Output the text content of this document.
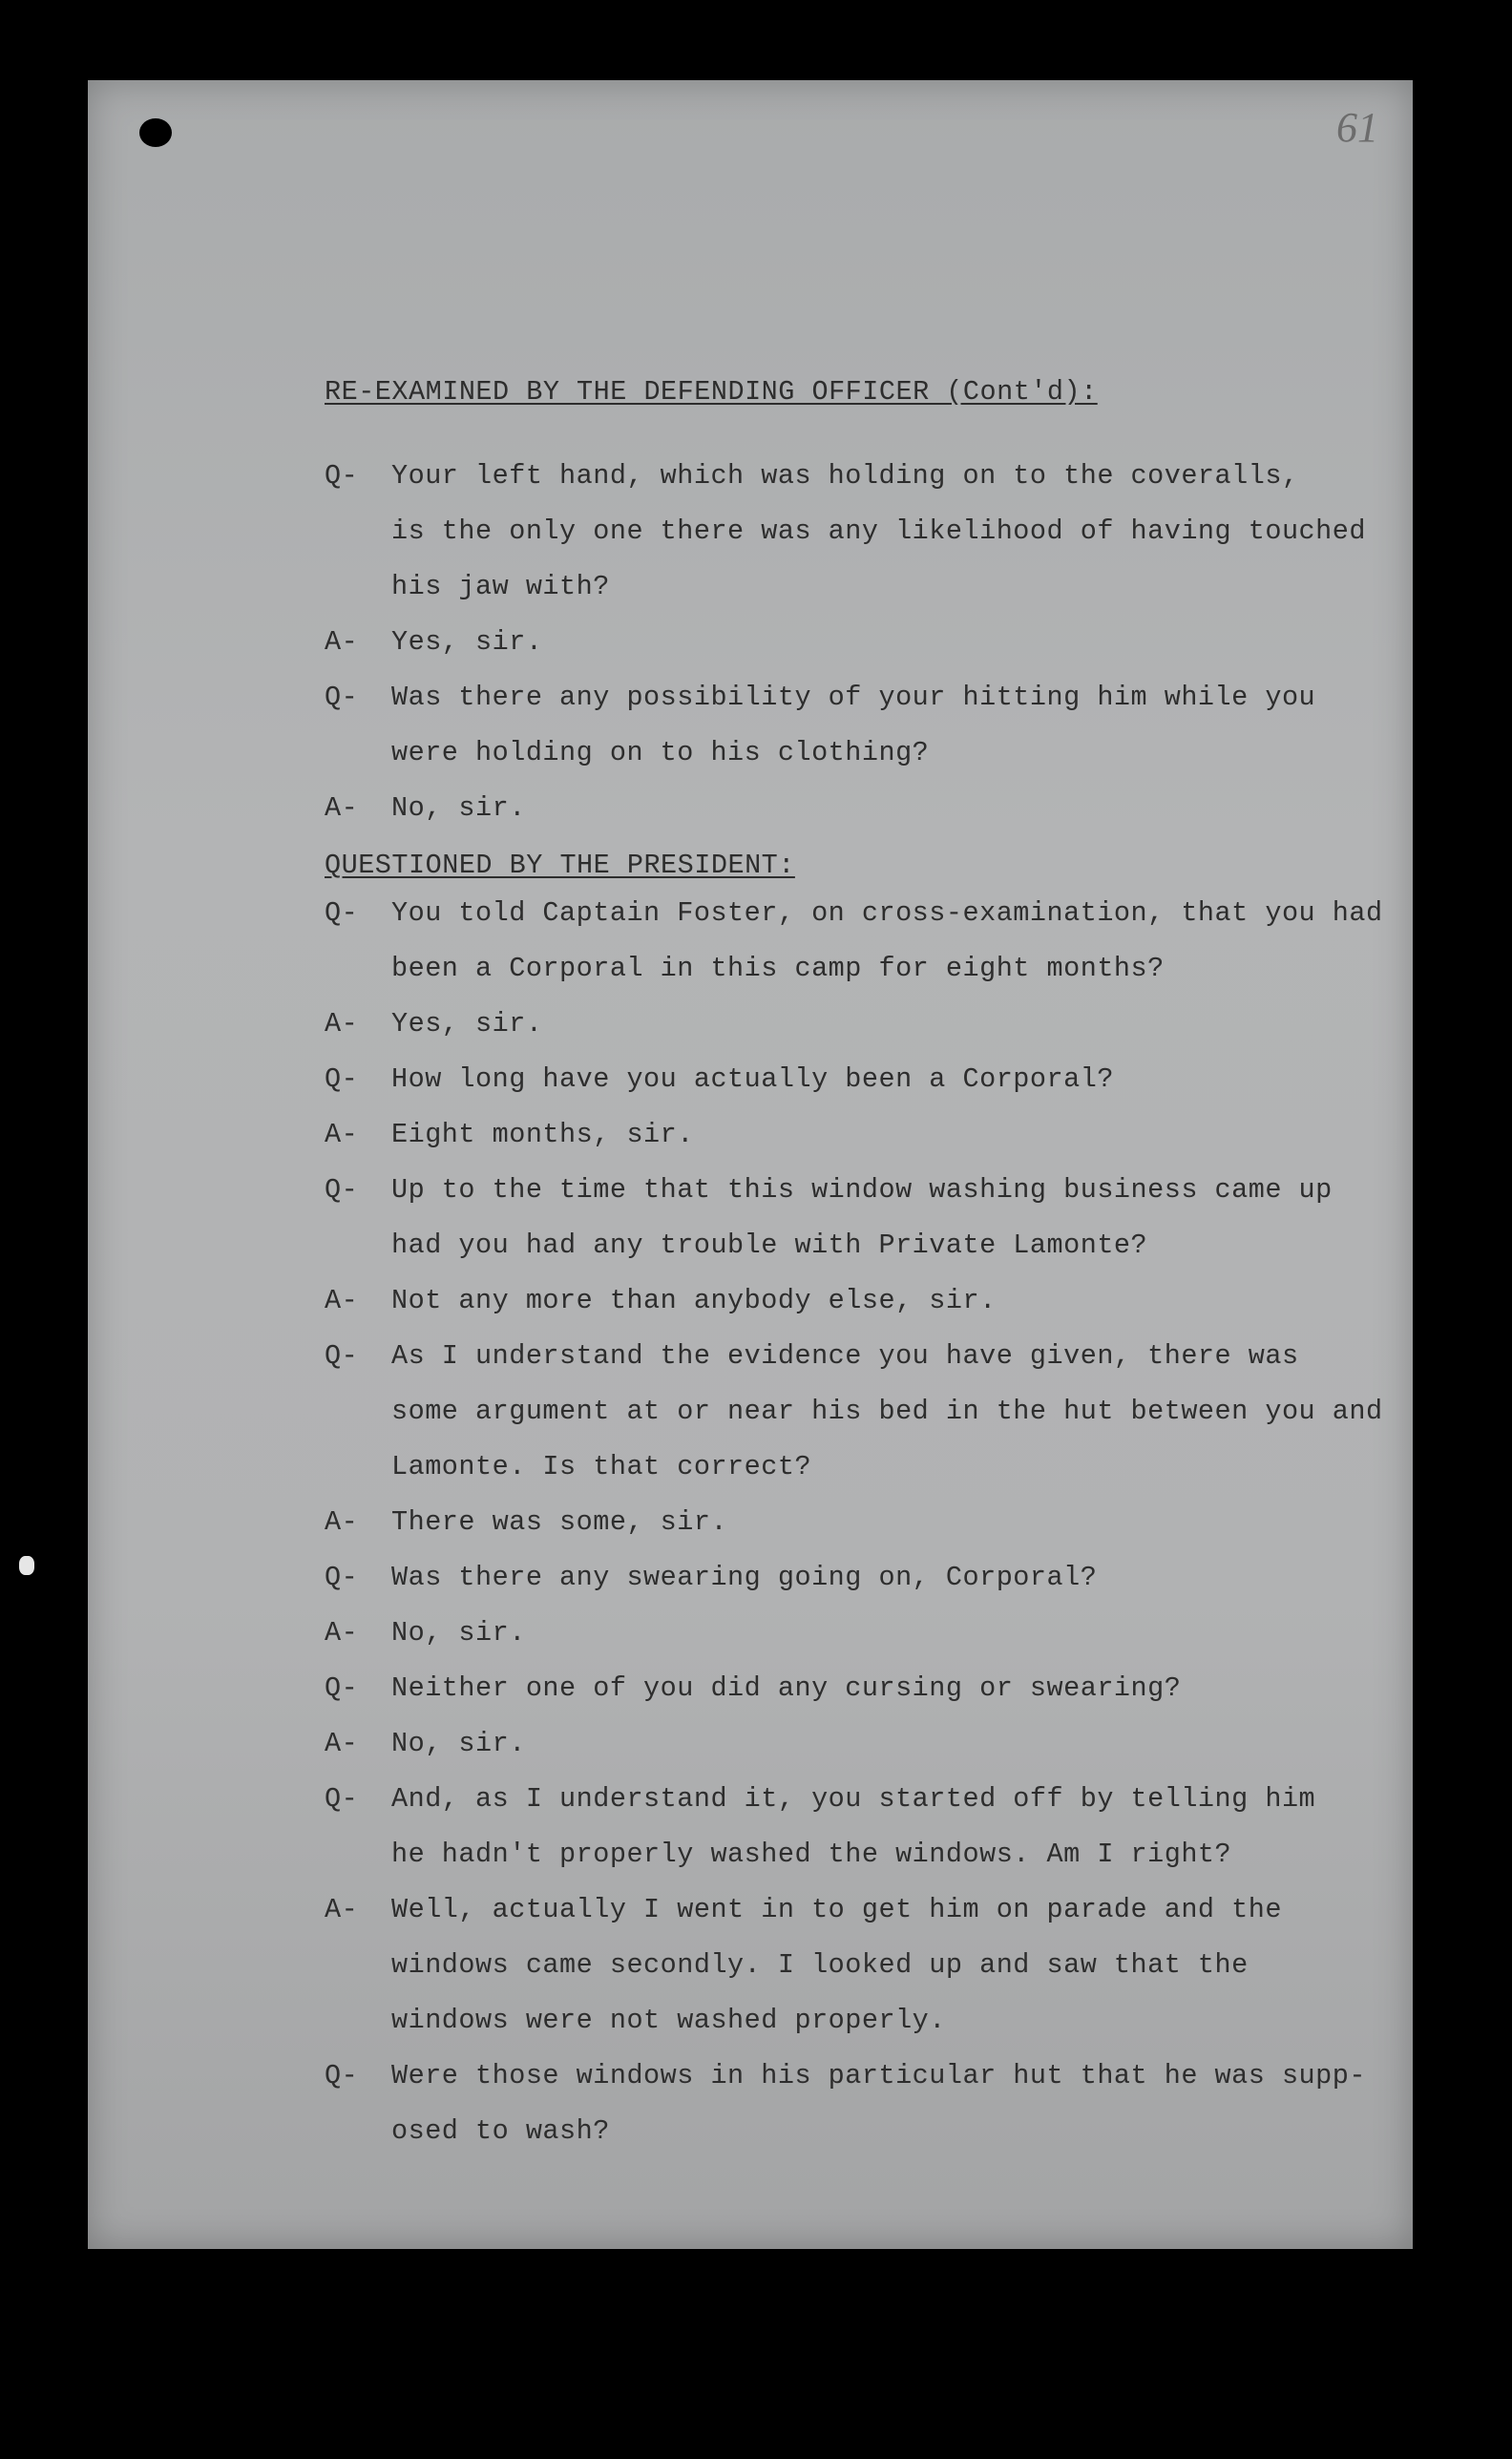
61
RE-EXAMINED BY THE DEFENDING OFFICER (Cont'd):
QUESTIONED BY THE PRESIDENT:
Q-	Your left hand, which was holding on to the coveralls,
is the only one there was any likelihood of having touched
his jaw with?
A-	Yes, sir.
Q-	Was there any possibility of your hitting him while you
were holding on to his clothing?
A-	No, sir.
Q-	You told Captain Foster, on cross-examination, that you had
been a Corporal in this camp for eight months?
A-	Yes, sir.
Q-	How long have you actually been a Corporal?
A-	Eight months, sir.
Q-	Up to the time that this window washing business came up
had you had any trouble with Private Lamonte?
A-	Not any more than anybody else, sir.
Q-	As I understand the evidence you have given, there was
some argument at or near his bed in the hut between you and
Lamonte. Is that correct?
A-	There was some, sir.
Q-	Was there any swearing going on, Corporal?
A-	No, sir.
Q-	Neither one of you did any cursing or swearing?
A-	No, sir.
Q-	And, as I understand it, you started off by telling him
he hadn't properly washed the windows. Am I right?
A-	Well, actually I went in to get him on parade and the
windows came secondly. I looked up and saw that the
windows were not washed properly.
Q-	Were those windows in his particular hut that he was supp-
osed to wash?
